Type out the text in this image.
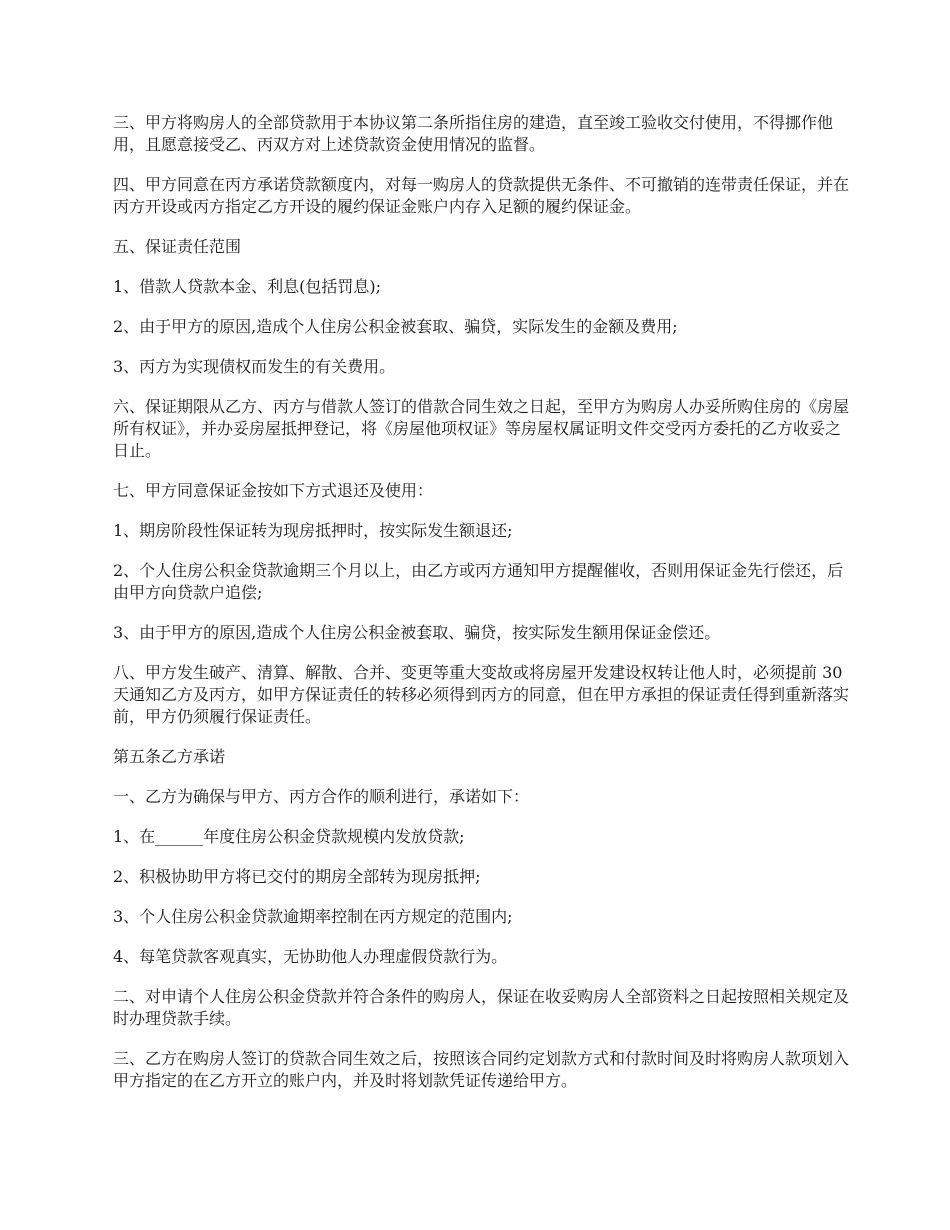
三、甲方将购房人的全部贷款用于本协议第二条所指住房的建造，直至竣工验收交付使用，不得挪作他用，且愿意接受乙、丙双方对上述贷款资金使用情况的监督。

四、甲方同意在丙方承诺贷款额度内，对每一购房人的贷款提供无条件、不可撤销的连带责任保证，并在丙方开设或丙方指定乙方开设的履约保证金账户内存入足额的履约保证金。

五、保证责任范围

1、借款人贷款本金、利息(包括罚息);

2、由于甲方的原因,造成个人住房公积金被套取、骗贷，实际发生的金额及费用;

3、丙方为实现债权而发生的有关费用。

六、保证期限从乙方、丙方与借款人签订的借款合同生效之日起，至甲方为购房人办妥所购住房的《房屋所有权证》，并办妥房屋抵押登记，将《房屋他项权证》等房屋权属证明文件交受丙方委托的乙方收妥之日止。

七、甲方同意保证金按如下方式退还及使用：

1、期房阶段性保证转为现房抵押时，按实际发生额退还;

2、个人住房公积金贷款逾期三个月以上，由乙方或丙方通知甲方提醒催收，否则用保证金先行偿还，后由甲方向贷款户追偿;

3、由于甲方的原因,造成个人住房公积金被套取、骗贷，按实际发生额用保证金偿还。

八、甲方发生破产、清算、解散、合并、变更等重大变故或将房屋开发建设权转让他人时，必须提前 30 天通知乙方及丙方，如甲方保证责任的转移必须得到丙方的同意，但在甲方承担的保证责任得到重新落实前，甲方仍须履行保证责任。

第五条乙方承诺

一、乙方为确保与甲方、丙方合作的顺利进行，承诺如下：

1、在______年度住房公积金贷款规模内发放贷款;

2、积极协助甲方将已交付的期房全部转为现房抵押;

3、个人住房公积金贷款逾期率控制在丙方规定的范围内;

4、每笔贷款客观真实，无协助他人办理虚假贷款行为。

二、对申请个人住房公积金贷款并符合条件的购房人，保证在收妥购房人全部资料之日起按照相关规定及时办理贷款手续。

三、乙方在购房人签订的贷款合同生效之后，按照该合同约定划款方式和付款时间及时将购房人款项划入甲方指定的在乙方开立的账户内，并及时将划款凭证传递给甲方。
